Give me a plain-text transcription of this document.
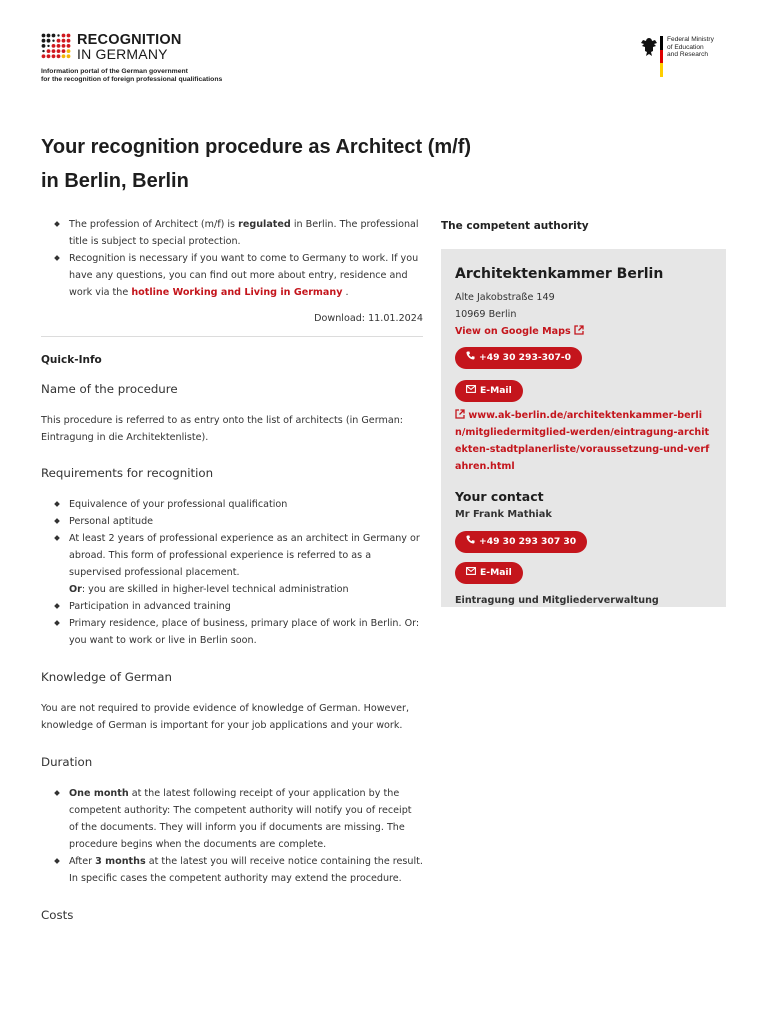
RECOGNITION
IN GERMANY
Information portal of the German government
for the recognition of foreign professional qualifications
Federal Ministry
of Education
and Research
Your recognition procedure as Architect (m/f)
in Berlin, Berlin
The profession of Architect (m/f) is regulated in Berlin. The professional title is subject to special protection.
Recognition is necessary if you want to come to Germany to work. If you have any questions, you can find out more about entry, residence and work via the hotline Working and Living in Germany .
Download: 11.01.2024
Quick-Info
Name of the procedure
This procedure is referred to as entry onto the list of architects (in German: Eintragung in die Architektenliste).
Requirements for recognition
Equivalence of your professional qualification
Personal aptitude
At least 2 years of professional experience as an architect in Germany or abroad. This form of professional experience is referred to as a supervised professional placement.
Or: you are skilled in higher-level technical administration
Participation in advanced training
Primary residence, place of business, primary place of work in Berlin. Or: you want to work or live in Berlin soon.
Knowledge of German
You are not required to provide evidence of knowledge of German. However, knowledge of German is important for your job applications and your work.
Duration
One month at the latest following receipt of your application by the competent authority: The competent authority will notify you of receipt of the documents. They will inform you if documents are missing. The procedure begins when the documents are complete.
After 3 months at the latest you will receive notice containing the result. In specific cases the competent authority may extend the procedure.
Costs
The competent authority
Architektenkammer Berlin
Alte Jakobstraße 149
10969 Berlin
View on Google Maps
+49 30 293-307-0
E-Mail
www.ak-berlin.de/architektenkammer-berlin/mitgliedermitglied-werden/eintragung-architekten-stadtplanerliste/voraussetzung-und-verfahren.html
Your contact
Mr Frank Mathiak
+49 30 293 307 30
E-Mail
Eintragung und Mitgliederverwaltung
